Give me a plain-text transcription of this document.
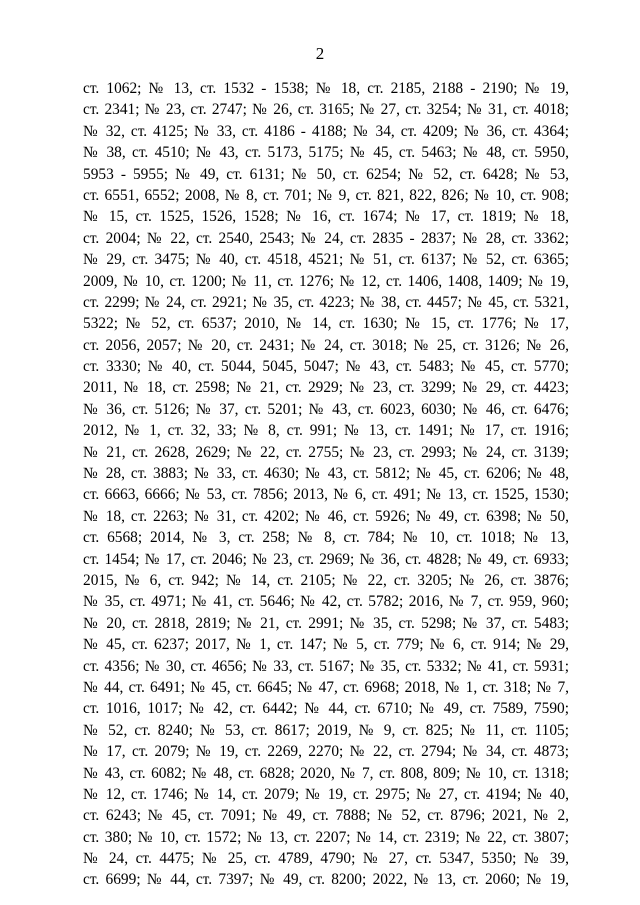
2
ст. 1062; № 13, ст. 1532 - 1538; № 18, ст. 2185, 2188 - 2190; № 19,
ст. 2341; № 23, ст. 2747; № 26, ст. 3165; № 27, ст. 3254; № 31, ст. 4018;
№ 32, ст. 4125; № 33, ст. 4186 - 4188; № 34, ст. 4209; № 36, ст. 4364;
№ 38, ст. 4510; № 43, ст. 5173, 5175; № 45, ст. 5463; № 48, ст. 5950,
5953 - 5955; № 49, ст. 6131; № 50, ст. 6254; № 52, ст. 6428; № 53,
ст. 6551, 6552; 2008, № 8, ст. 701; № 9, ст. 821, 822, 826; № 10, ст. 908;
№ 15, ст. 1525, 1526, 1528; № 16, ст. 1674; № 17, ст. 1819; № 18,
ст. 2004; № 22, ст. 2540, 2543; № 24, ст. 2835 - 2837; № 28, ст. 3362;
№ 29, ст. 3475; № 40, ст. 4518, 4521; № 51, ст. 6137; № 52, ст. 6365;
2009, № 10, ст. 1200; № 11, ст. 1276; № 12, ст. 1406, 1408, 1409; № 19,
ст. 2299; № 24, ст. 2921; № 35, ст. 4223; № 38, ст. 4457; № 45, ст. 5321,
5322; № 52, ст. 6537; 2010, № 14, ст. 1630; № 15, ст. 1776; № 17,
ст. 2056, 2057; № 20, ст. 2431; № 24, ст. 3018; № 25, ст. 3126; № 26,
ст. 3330; № 40, ст. 5044, 5045, 5047; № 43, ст. 5483; № 45, ст. 5770;
2011, № 18, ст. 2598; № 21, ст. 2929; № 23, ст. 3299; № 29, ст. 4423;
№ 36, ст. 5126; № 37, ст. 5201; № 43, ст. 6023, 6030; № 46, ст. 6476;
2012, № 1, ст. 32, 33; № 8, ст. 991; № 13, ст. 1491; № 17, ст. 1916;
№ 21, ст. 2628, 2629; № 22, ст. 2755; № 23, ст. 2993; № 24, ст. 3139;
№ 28, ст. 3883; № 33, ст. 4630; № 43, ст. 5812; № 45, ст. 6206; № 48,
ст. 6663, 6666; № 53, ст. 7856; 2013, № 6, ст. 491; № 13, ст. 1525, 1530;
№ 18, ст. 2263; № 31, ст. 4202; № 46, ст. 5926; № 49, ст. 6398; № 50,
ст. 6568; 2014, № 3, ст. 258; № 8, ст. 784; № 10, ст. 1018; № 13,
ст. 1454; № 17, ст. 2046; № 23, ст. 2969; № 36, ст. 4828; № 49, ст. 6933;
2015, № 6, ст. 942; № 14, ст. 2105; № 22, ст. 3205; № 26, ст. 3876;
№ 35, ст. 4971; № 41, ст. 5646; № 42, ст. 5782; 2016, № 7, ст. 959, 960;
№ 20, ст. 2818, 2819; № 21, ст. 2991; № 35, ст. 5298; № 37, ст. 5483;
№ 45, ст. 6237; 2017, № 1, ст. 147; № 5, ст. 779; № 6, ст. 914; № 29,
ст. 4356; № 30, ст. 4656; № 33, ст. 5167; № 35, ст. 5332; № 41, ст. 5931;
№ 44, ст. 6491; № 45, ст. 6645; № 47, ст. 6968; 2018, № 1, ст. 318; № 7,
ст. 1016, 1017; № 42, ст. 6442; № 44, ст. 6710; № 49, ст. 7589, 7590;
№ 52, ст. 8240; № 53, ст. 8617; 2019, № 9, ст. 825; № 11, ст. 1105;
№ 17, ст. 2079; № 19, ст. 2269, 2270; № 22, ст. 2794; № 34, ст. 4873;
№ 43, ст. 6082; № 48, ст. 6828; 2020, № 7, ст. 808, 809; № 10, ст. 1318;
№ 12, ст. 1746; № 14, ст. 2079; № 19, ст. 2975; № 27, ст. 4194; № 40,
ст. 6243; № 45, ст. 7091; № 49, ст. 7888; № 52, ст. 8796; 2021, № 2,
ст. 380; № 10, ст. 1572; № 13, ст. 2207; № 14, ст. 2319; № 22, ст. 3807;
№ 24, ст. 4475; № 25, ст. 4789, 4790; № 27, ст. 5347, 5350; № 39,
ст. 6699; № 44, ст. 7397; № 49, ст. 8200; 2022, № 13, ст. 2060; № 19,
